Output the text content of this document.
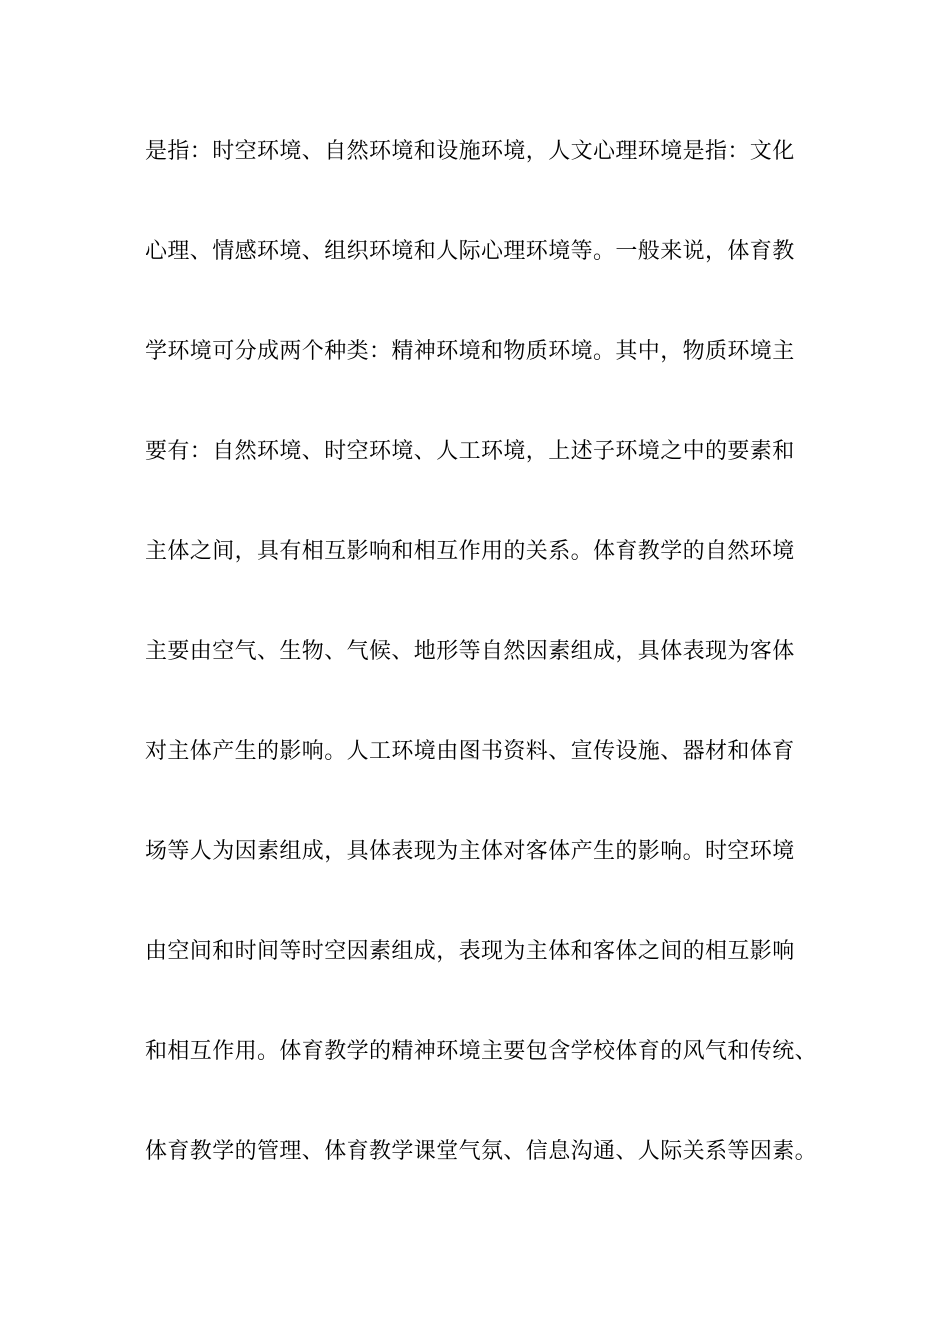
是指：时空环境、自然环境和设施环境，人文心理环境是指：文化
心理、情感环境、组织环境和人际心理环境等。一般来说，体育教
学环境可分成两个种类：精神环境和物质环境。其中，物质环境主
要有：自然环境、时空环境、人工环境，上述子环境之中的要素和
主体之间，具有相互影响和相互作用的关系。体育教学的自然环境
主要由空气、生物、气候、地形等自然因素组成，具体表现为客体
对主体产生的影响。人工环境由图书资料、宣传设施、器材和体育
场等人为因素组成，具体表现为主体对客体产生的影响。时空环境
由空间和时间等时空因素组成，表现为主体和客体之间的相互影响
和相互作用。体育教学的精神环境主要包含学校体育的风气和传统、
体育教学的管理、体育教学课堂气氛、信息沟通、人际关系等因素。
